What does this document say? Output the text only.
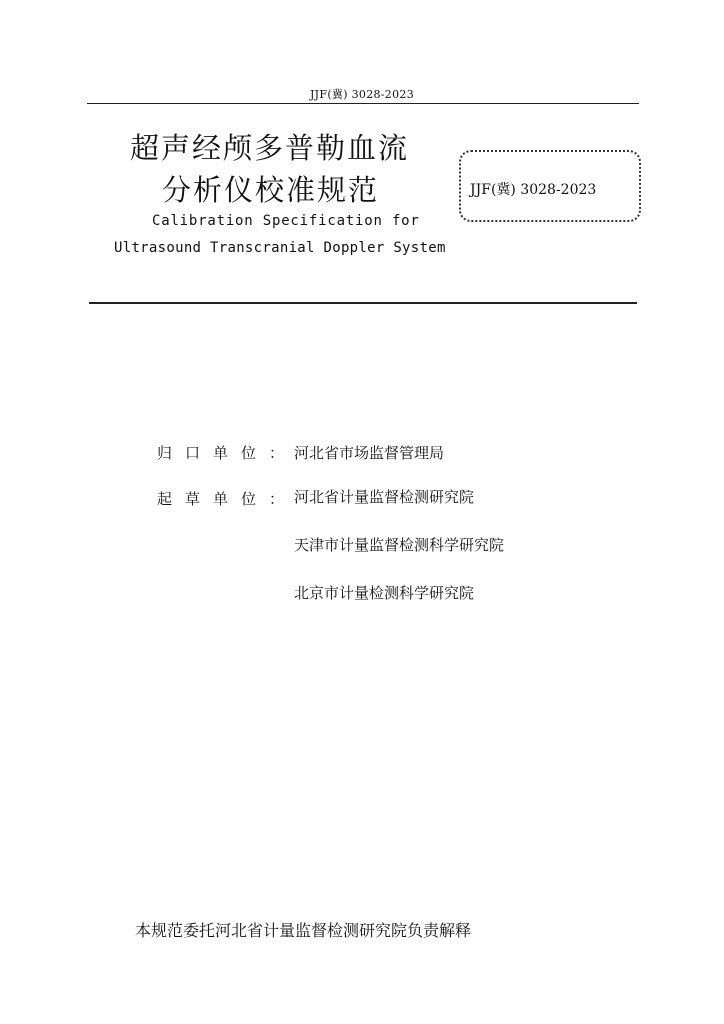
JJF(冀) 3028-2023
超声经颅多普勒血流
分析仪校准规范
Calibration Specification for
Ultrasound Transcranial Doppler System
JJF(冀) 3028-2023
归口单位：
河北省市场监督管理局
起草单位：
河北省计量监督检测研究院
天津市计量监督检测科学研究院
北京市计量检测科学研究院
本规范委托河北省计量监督检测研究院负责解释
